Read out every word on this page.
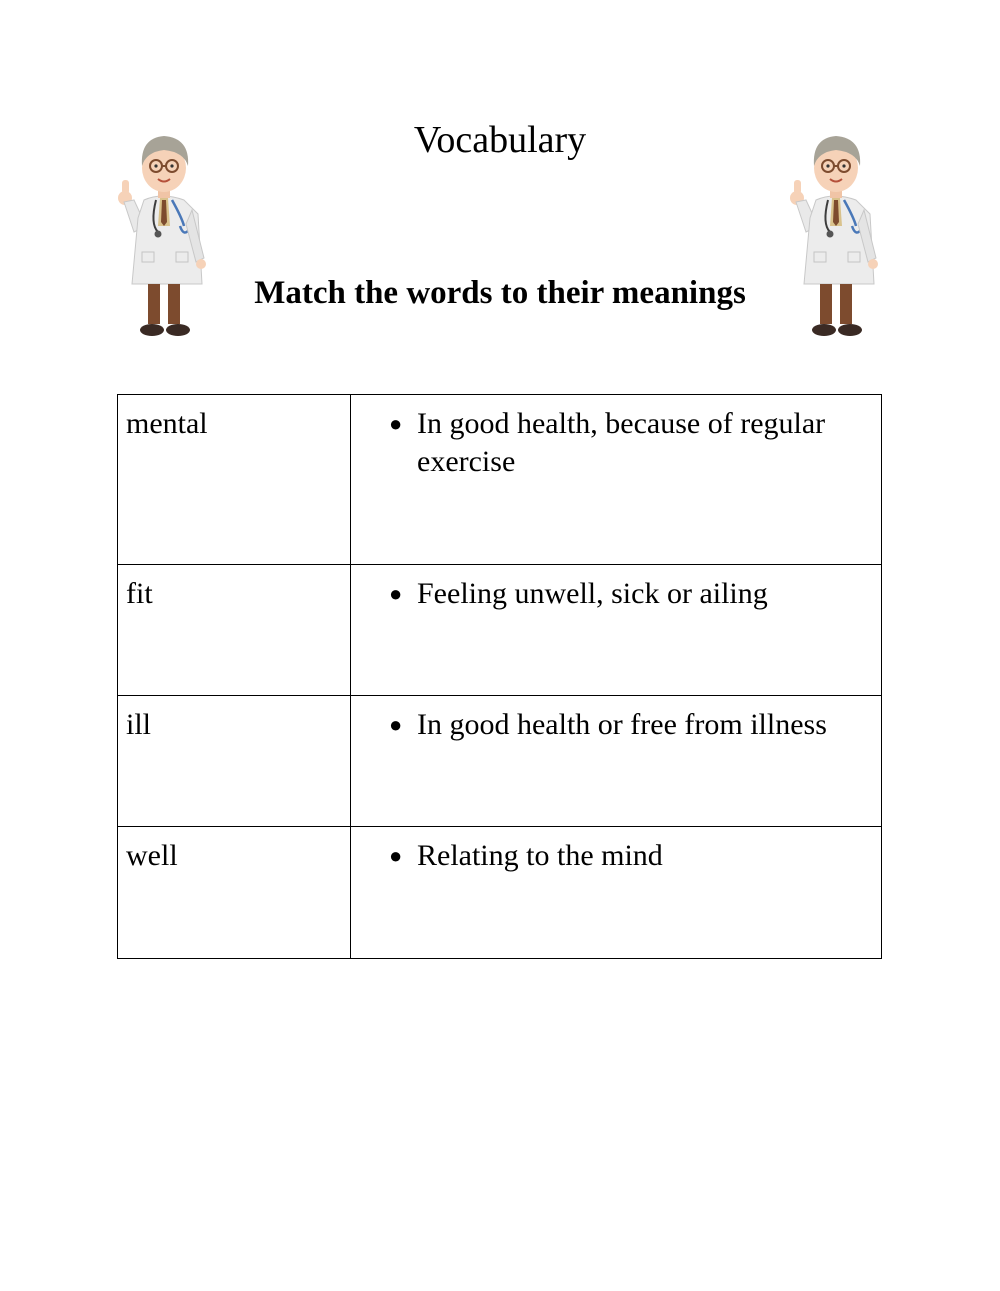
Vocabulary
Match the words to their meanings
mental	● In good health, because of regular exercise

fit	● Feeling unwell, sick or ailing

ill	● In good health or free from illness

well	● Relating to the mind
